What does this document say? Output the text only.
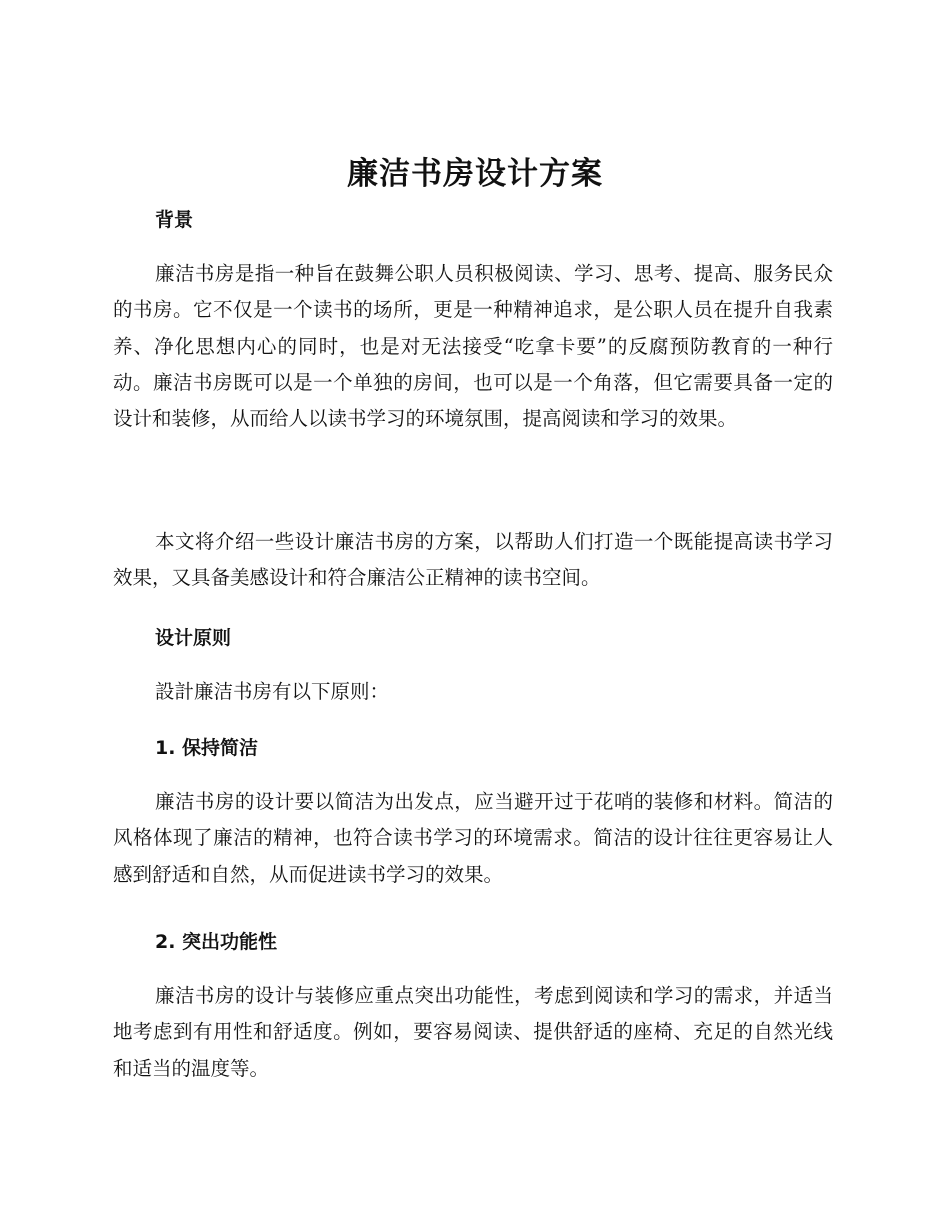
廉洁书房设计方案
背景

廉洁书房是指一种旨在鼓舞公职人员积极阅读、学习、思考、提高、服务民众的书房。它不仅是一个读书的场所，更是一种精神追求，是公职人员在提升自我素养、净化思想内心的同时，也是对无法接受“吃拿卡要”的反腐预防教育的一种行动。廉洁书房既可以是一个单独的房间，也可以是一个角落，但它需要具备一定的设计和装修，从而给人以读书学习的环境氛围，提高阅读和学习的效果。

本文将介绍一些设计廉洁书房的方案，以帮助人们打造一个既能提高读书学习效果，又具备美感设计和符合廉洁公正精神的读书空间。

设计原则

設計廉洁书房有以下原则：

1. 保持简洁

廉洁书房的设计要以简洁为出发点，应当避开过于花哨的装修和材料。简洁的风格体现了廉洁的精神，也符合读书学习的环境需求。简洁的设计往往更容易让人感到舒适和自然，从而促进读书学习的效果。

2. 突出功能性

廉洁书房的设计与装修应重点突出功能性，考虑到阅读和学习的需求，并适当地考虑到有用性和舒适度。例如，要容易阅读、提供舒适的座椅、充足的自然光线和适当的温度等。
